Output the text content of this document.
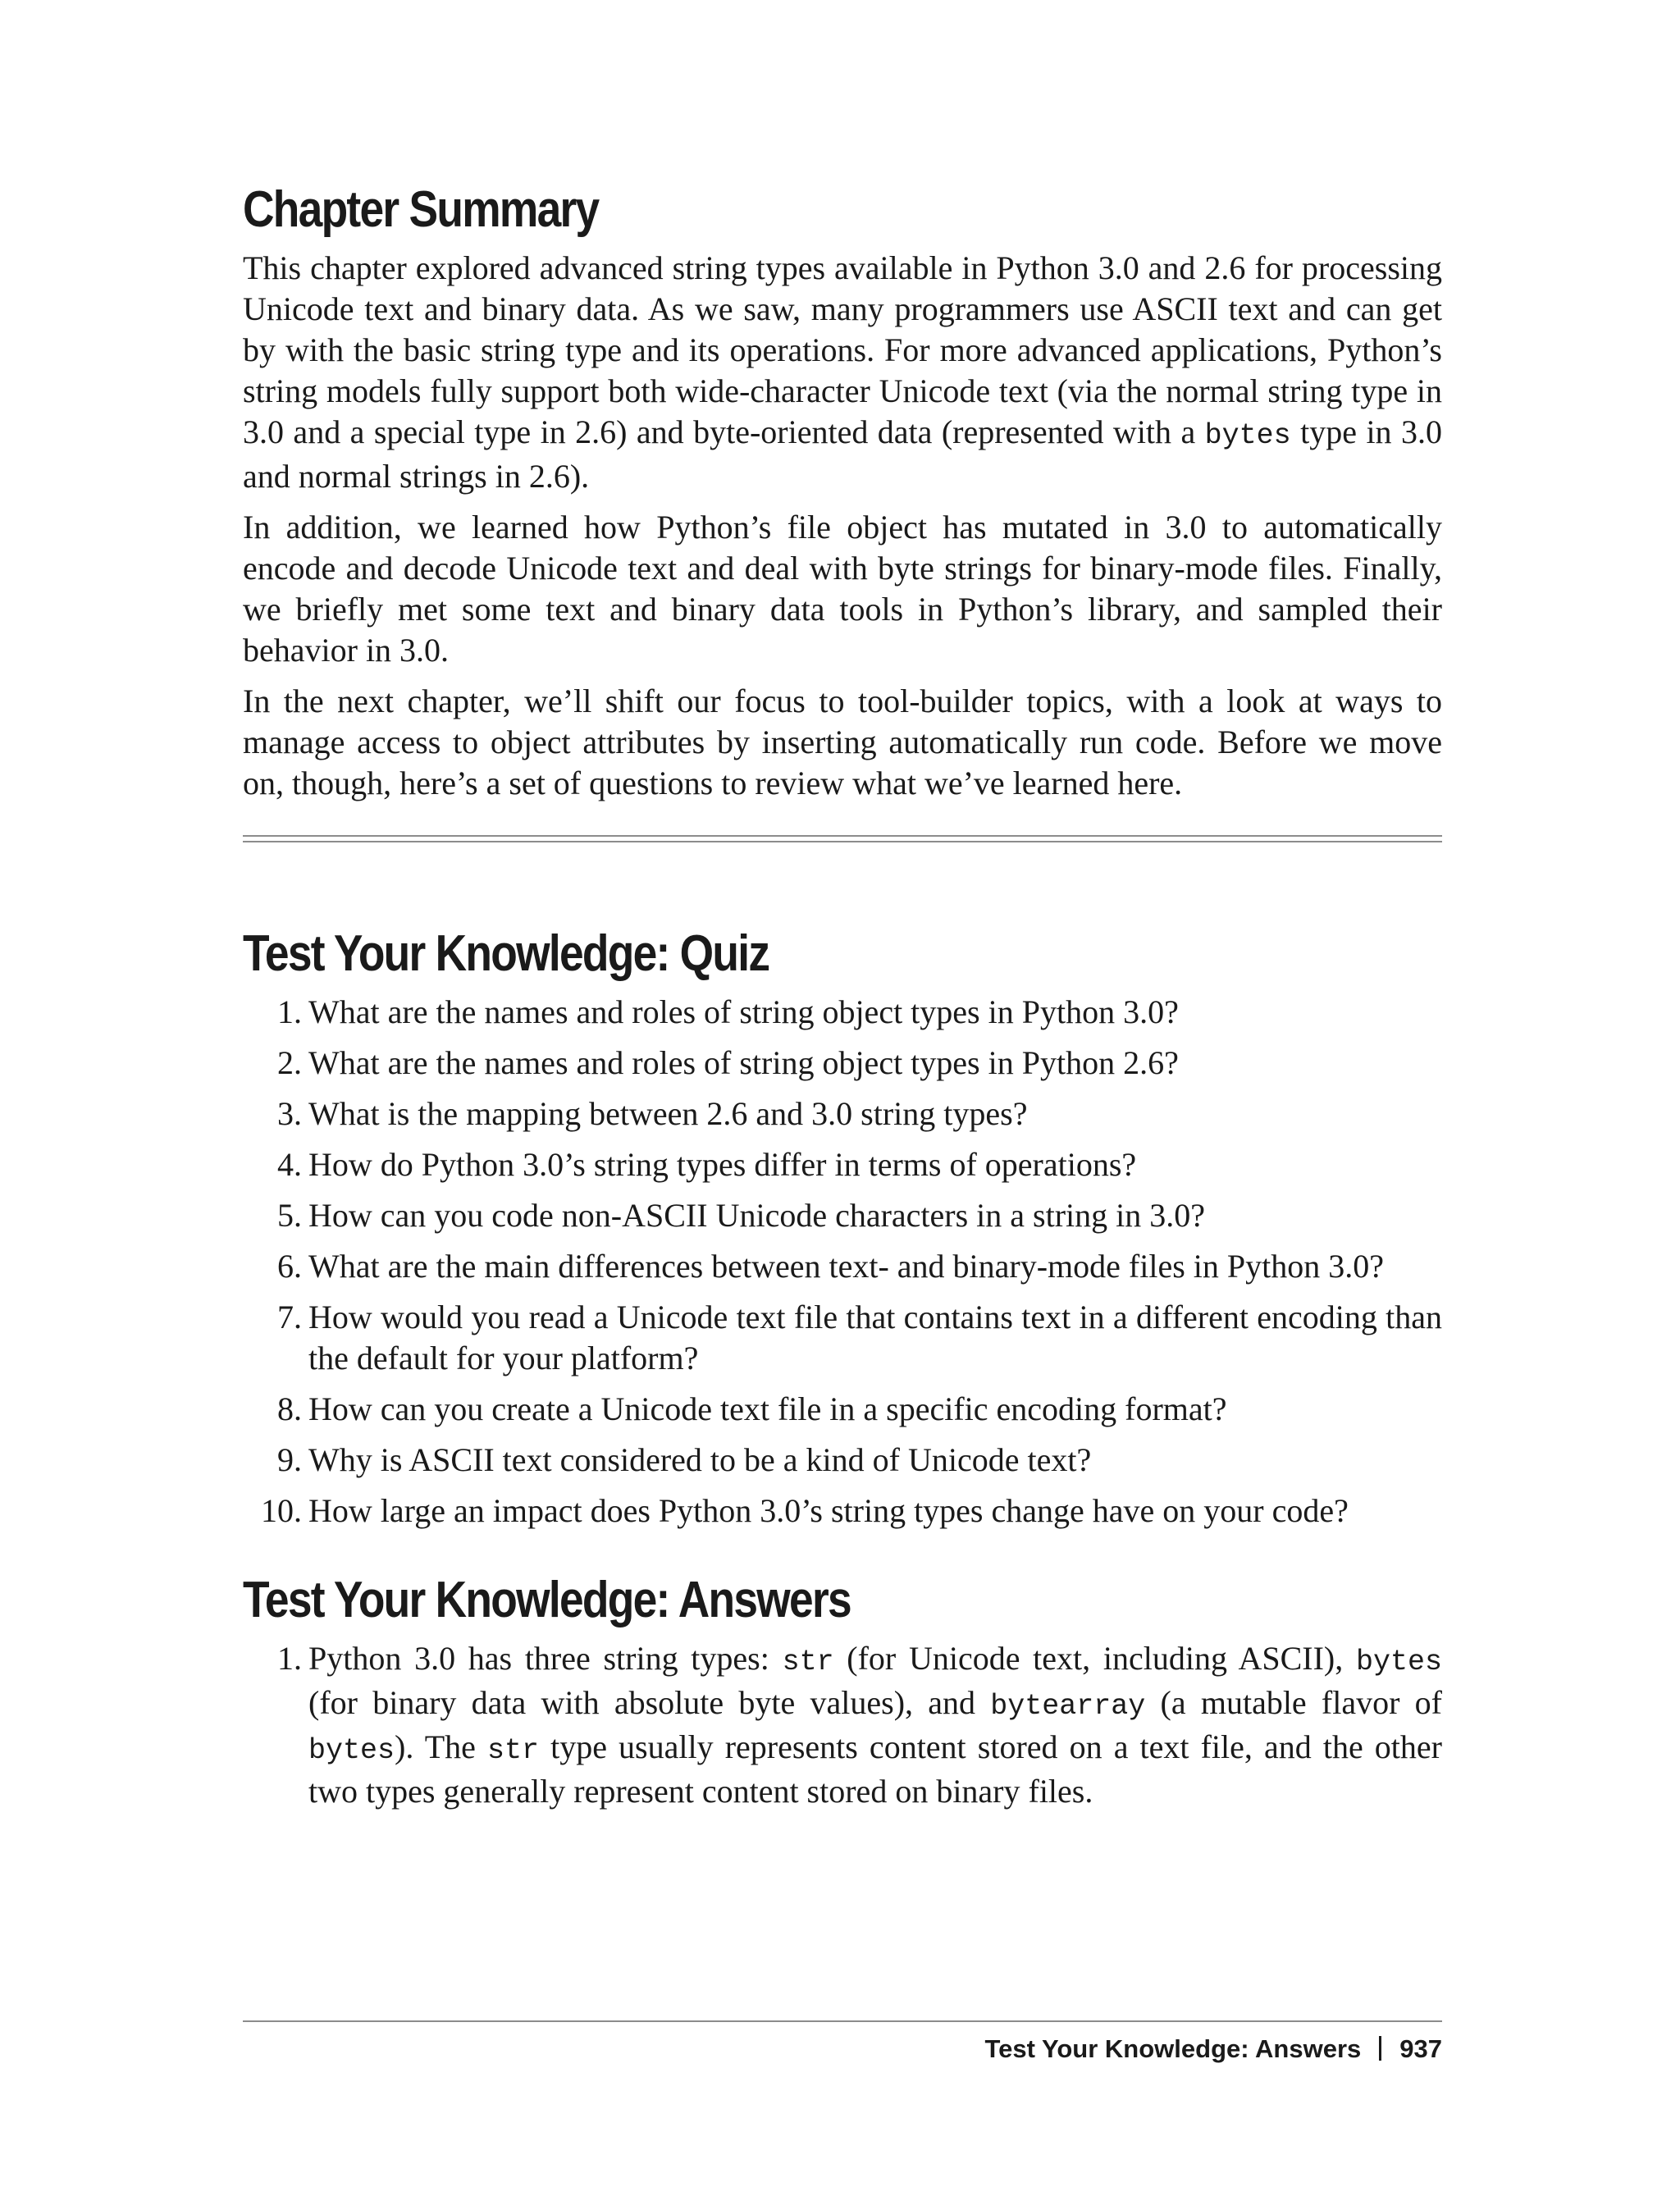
Chapter Summary

This chapter explored advanced string types available in Python 3.0 and 2.6 for processing Unicode text and binary data. As we saw, many programmers use ASCII text and can get by with the basic string type and its operations. For more advanced applications, Python’s string models fully support both wide-character Unicode text (via the normal string type in 3.0 and a special type in 2.6) and byte-oriented data (represented with a bytes type in 3.0 and normal strings in 2.6).

In addition, we learned how Python’s file object has mutated in 3.0 to automatically encode and decode Unicode text and deal with byte strings for binary-mode files. Finally, we briefly met some text and binary data tools in Python’s library, and sampled their behavior in 3.0.

In the next chapter, we’ll shift our focus to tool-builder topics, with a look at ways to manage access to object attributes by inserting automatically run code. Before we move on, though, here’s a set of questions to review what we’ve learned here.

Test Your Knowledge: Quiz
1. What are the names and roles of string object types in Python 3.0?
2. What are the names and roles of string object types in Python 2.6?
3. What is the mapping between 2.6 and 3.0 string types?
4. How do Python 3.0’s string types differ in terms of operations?
5. How can you code non-ASCII Unicode characters in a string in 3.0?
6. What are the main differences between text- and binary-mode files in Python 3.0?
7. How would you read a Unicode text file that contains text in a different encoding than the default for your platform?
8. How can you create a Unicode text file in a specific encoding format?
9. Why is ASCII text considered to be a kind of Unicode text?
10. How large an impact does Python 3.0’s string types change have on your code?
Test Your Knowledge: Answers
1. Python 3.0 has three string types: str (for Unicode text, including ASCII), bytes (for binary data with absolute byte values), and bytearray (a mutable flavor of bytes). The str type usually represents content stored on a text file, and the other two types generally represent content stored on binary files.
Test Your Knowledge: Answers 937
